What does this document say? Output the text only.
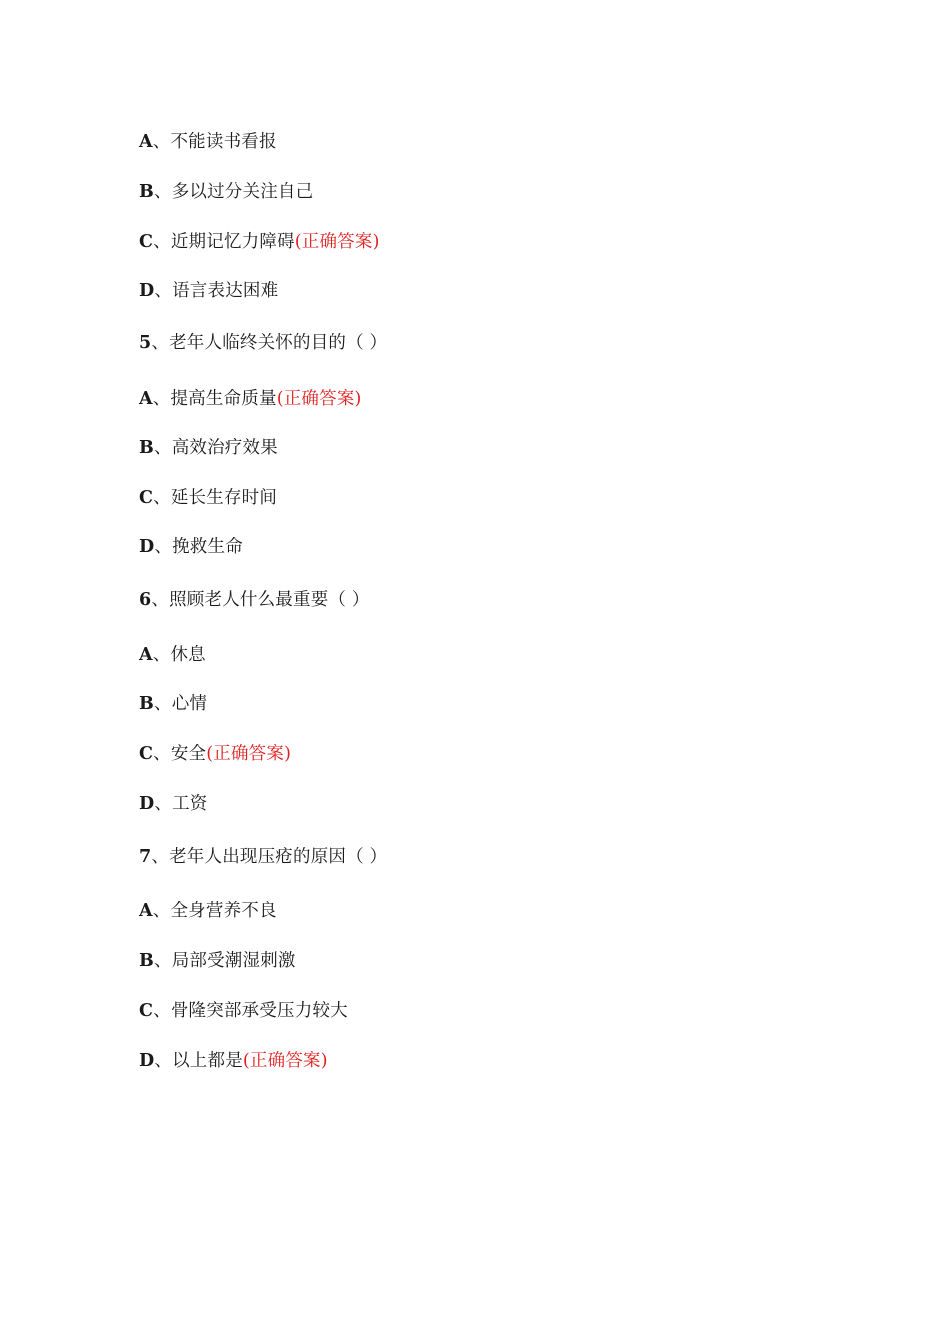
A、不能读书看报
B、多以过分关注自己
C、近期记忆力障碍(正确答案)
D、语言表达困难
5、老年人临终关怀的目的（ ）
A、提高生命质量(正确答案)
B、高效治疗效果
C、延长生存时间
D、挽救生命
6、照顾老人什么最重要（ ）
A、休息
B、心情
C、安全(正确答案)
D、工资
7、老年人出现压疮的原因（ ）
A、全身营养不良
B、局部受潮湿刺激
C、骨隆突部承受压力较大
D、以上都是(正确答案)
